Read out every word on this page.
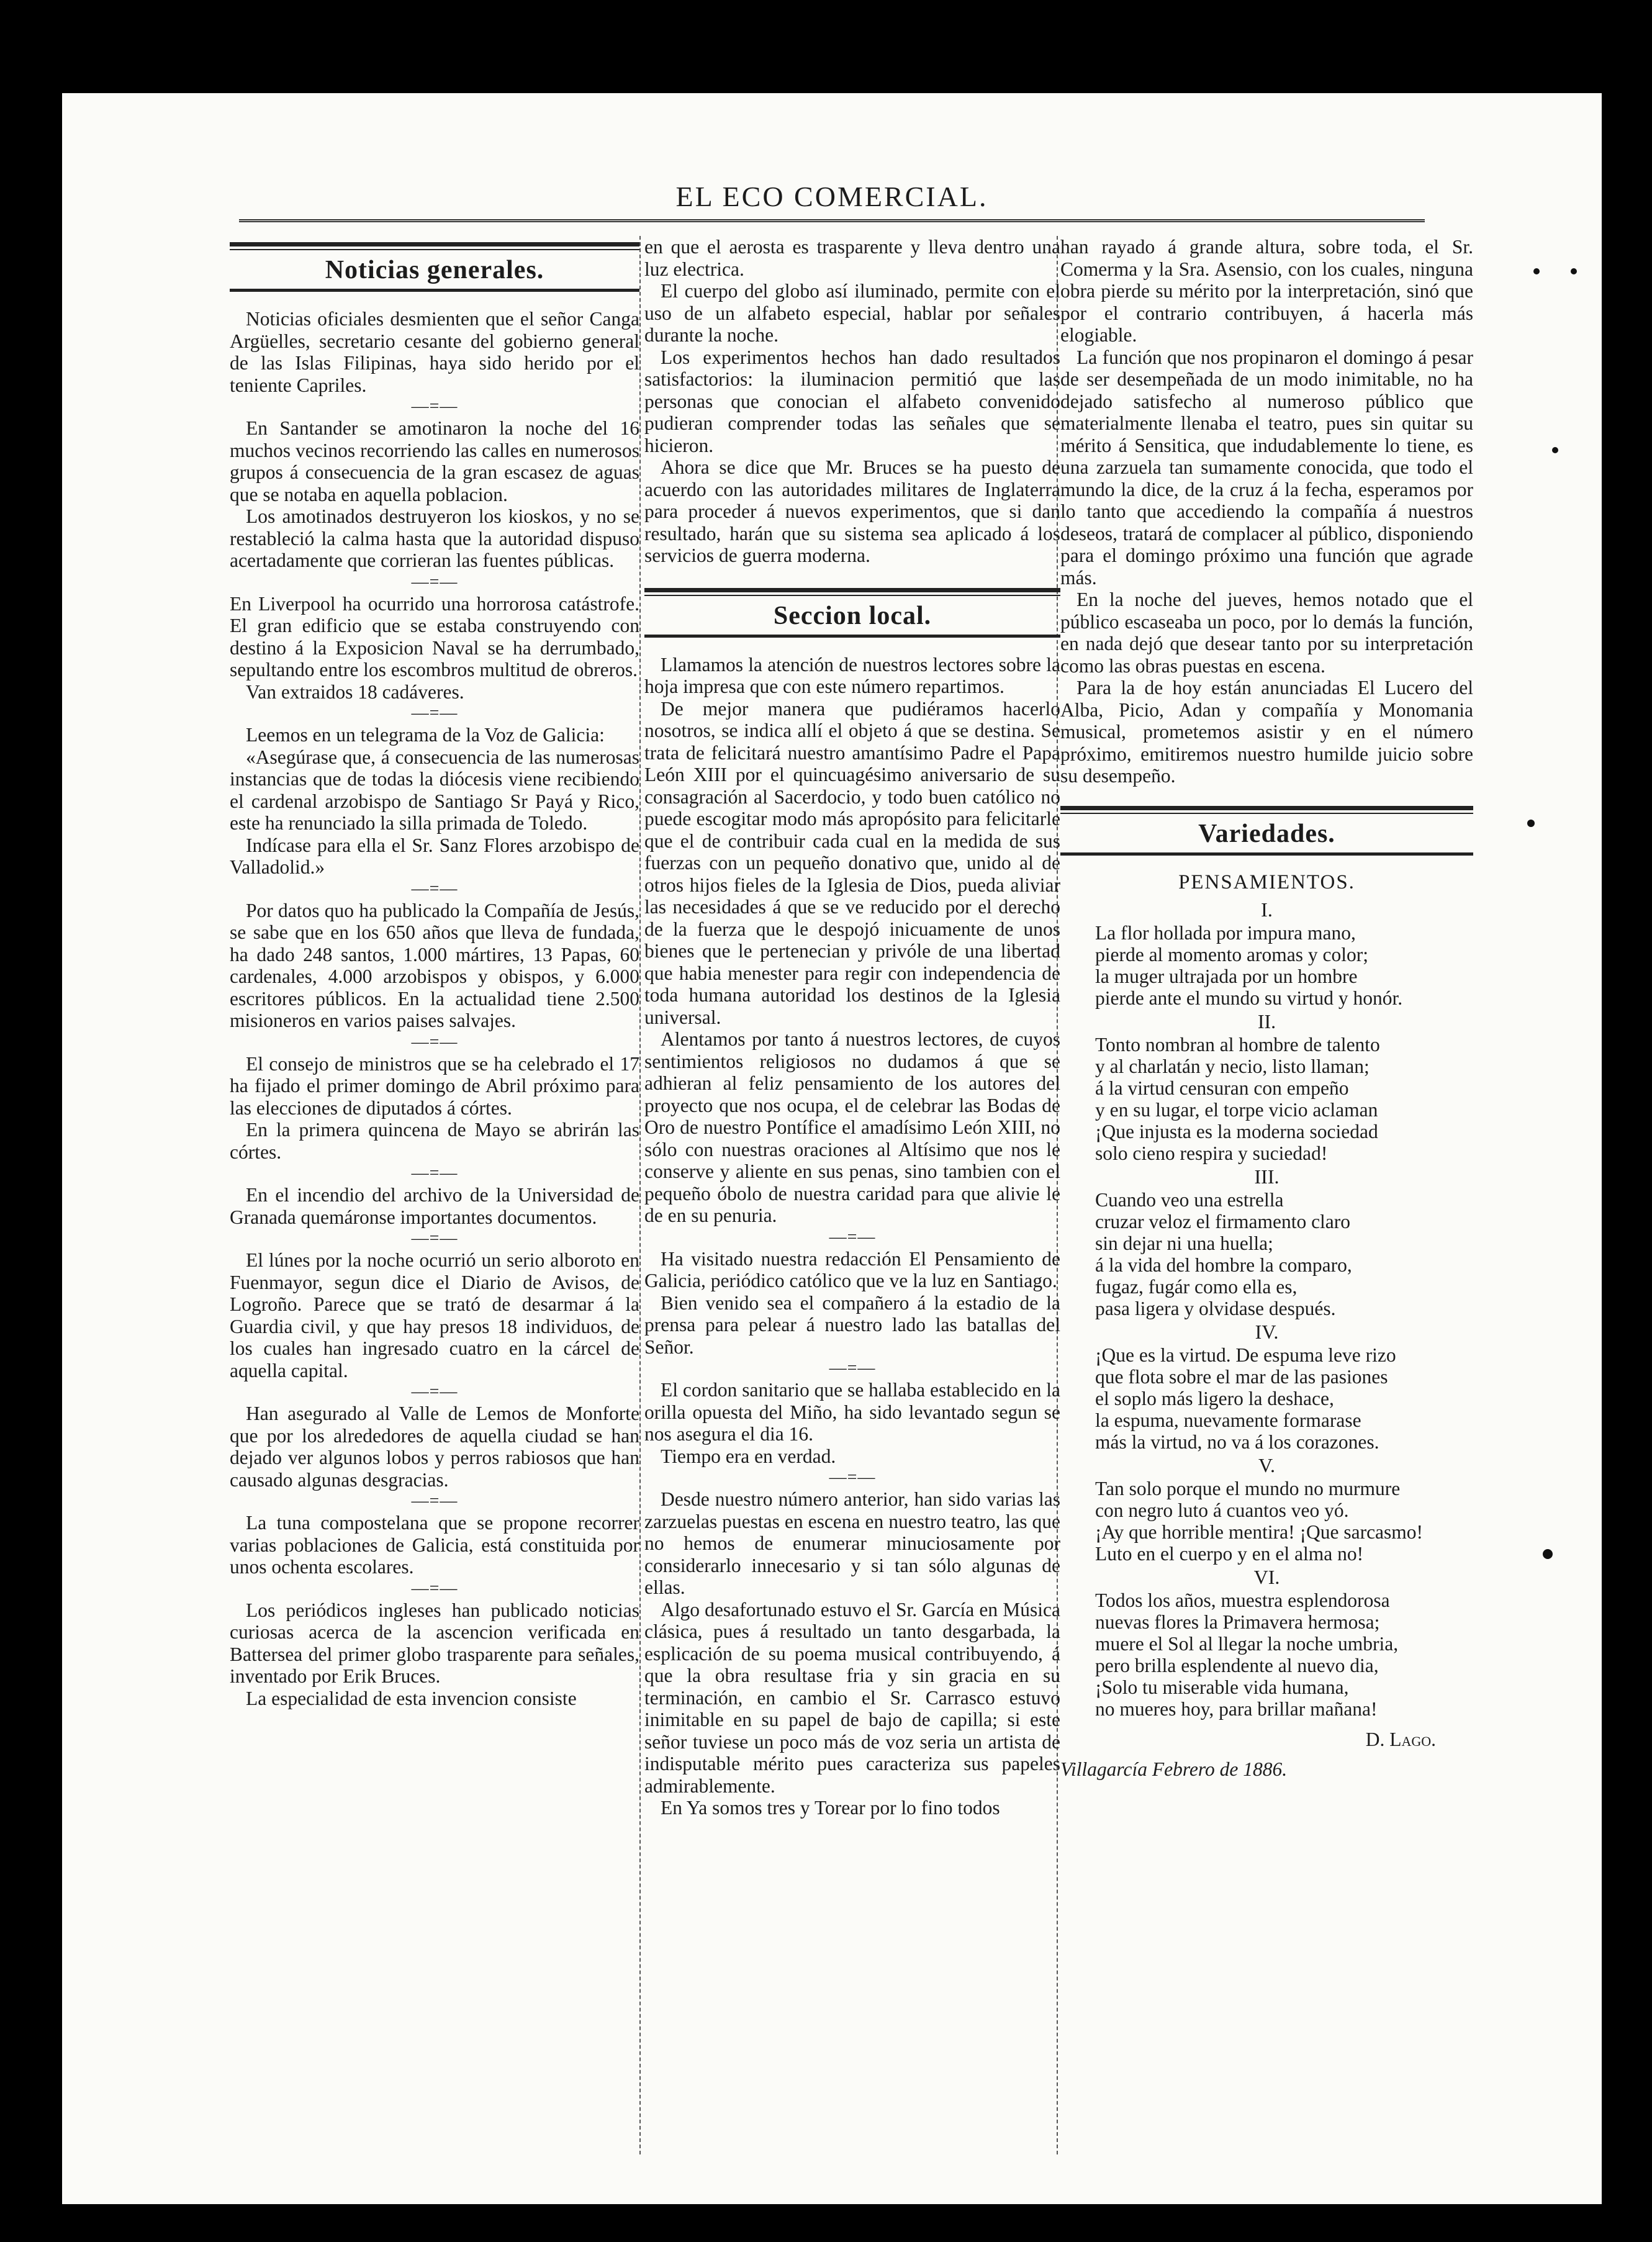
EL ECO COMERCIAL.
Noticias generales.

Noticias oficiales desmienten que el señor Canga Argüelles, secretario cesante del gobierno general de las Islas Filipinas, haya sido herido por el teniente Capriles.

—=—

En Santander se amotinaron la noche del 16 muchos vecinos recorriendo las calles en numerosos grupos á consecuencia de la gran escasez de aguas que se notaba en aquella poblacion.

Los amotinados destruyeron los kioskos, y no se restableció la calma hasta que la autoridad dispuso acertadamente que corrieran las fuentes públicas.

—=—

En Liverpool ha ocurrido una horrorosa catástrofe. El gran edificio que se estaba construyendo con destino á la Exposicion Naval se ha derrumbado, sepultando entre los escombros multitud de obreros.

Van extraidos 18 cadáveres.

—=—

Leemos en un telegrama de la Voz de Galicia:

«Asegúrase que, á consecuencia de las numerosas instancias que de todas la diócesis viene recibiendo el cardenal arzobispo de Santiago Sr Payá y Rico, este ha renunciado la silla primada de Toledo.

Indícase para ella el Sr. Sanz Flores arzobispo de Valladolid.»

—=—

Por datos quo ha publicado la Compañía de Jesús, se sabe que en los 650 años que lleva de fundada, ha dado 248 santos, 1.000 mártires, 13 Papas, 60 cardenales, 4.000 arzobispos y obispos, y 6.000 escritores públicos. En la actualidad tiene 2.500 misioneros en varios paises salvajes.

—=—

El consejo de ministros que se ha celebrado el 17 ha fijado el primer domingo de Abril próximo para las elecciones de diputados á córtes.

En la primera quincena de Mayo se abrirán las córtes.

—=—

En el incendio del archivo de la Universidad de Granada quemáronse importantes documentos.

—=—

El lúnes por la noche ocurrió un serio alboroto en Fuenmayor, segun dice el Diario de Avisos, de Logroño. Parece que se trató de desarmar á la Guardia civil, y que hay presos 18 individuos, de los cuales han ingresado cuatro en la cárcel de aquella capital.

—=—

Han asegurado al Valle de Lemos de Monforte que por los alrededores de aquella ciudad se han dejado ver algunos lobos y perros rabiosos que han causado algunas desgracias.

—=—

La tuna compostelana que se propone recorrer varias poblaciones de Galicia, está constituida por unos ochenta escolares.

—=—

Los periódicos ingleses han publicado noticias curiosas acerca de la ascencion verificada en Battersea del primer globo trasparente para señales, inventado por Erik Bruces.

La especialidad de esta invencion consiste

en que el aerosta es trasparente y lleva dentro una luz electrica.

El cuerpo del globo así iluminado, permite con el uso de un alfabeto especial, hablar por señales durante la noche.

Los experimentos hechos han dado resultados satisfactorios: la iluminacion permitió que las personas que conocian el alfabeto convenido pudieran comprender todas las señales que se hicieron.

Ahora se dice que Mr. Bruces se ha puesto de acuerdo con las autoridades militares de Inglaterra para proceder á nuevos experimentos, que si dan resultado, harán que su sistema sea aplicado á los servicios de guerra moderna.

Seccion local.

Llamamos la atención de nuestros lectores sobre la hoja impresa que con este número repartimos.

De mejor manera que pudiéramos hacerlo nosotros, se indica allí el objeto á que se destina. Se trata de felicitará nuestro amantísimo Padre el Papa León XIII por el quincuagésimo aniversario de su consagración al Sacerdocio, y todo buen católico no puede escogitar modo más apropósito para felicitarle que el de contribuir cada cual en la medida de sus fuerzas con un pequeño donativo que, unido al de otros hijos fieles de la Iglesia de Dios, pueda aliviar las necesidades á que se ve reducido por el derecho de la fuerza que le despojó inicuamente de unos bienes que le pertenecian y privóle de una libertad que habia menester para regir con independencia de toda humana autoridad los destinos de la Iglesia universal.

Alentamos por tanto á nuestros lectores, de cuyos sentimientos religiosos no dudamos á que se adhieran al feliz pensamiento de los autores del proyecto que nos ocupa, el de celebrar las Bodas de Oro de nuestro Pontífice el amadísimo León XIII, no sólo con nuestras oraciones al Altísimo que nos le conserve y aliente en sus penas, sino tambien con el pequeño óbolo de nuestra caridad para que alivie le de en su penuria.

—=—

Ha visitado nuestra redacción El Pensamiento de Galicia, periódico católico que ve la luz en Santiago.

Bien venido sea el compañero á la estadio de la prensa para pelear á nuestro lado las batallas del Señor.

—=—

El cordon sanitario que se hallaba establecido en la orilla opuesta del Miño, ha sido levantado segun se nos asegura el dia 16.

Tiempo era en verdad.

—=—

Desde nuestro número anterior, han sido varias las zarzuelas puestas en escena en nuestro teatro, las que no hemos de enumerar minuciosamente por considerarlo innecesario y si tan sólo algunas de ellas.

Algo desafortunado estuvo el Sr. García en Música clásica, pues á resultado un tanto desgarbada, la esplicación de su poema musical contribuyendo, á que la obra resultase fria y sin gracia en su terminación, en cambio el Sr. Carrasco estuvo inimitable en su papel de bajo de capilla; si este señor tuviese un poco más de voz seria un artista de indisputable mérito pues caracteriza sus papeles admirablemente.

En Ya somos tres y Torear por lo fino todos

han rayado á grande altura, sobre toda, el Sr. Comerma y la Sra. Asensio, con los cuales, ninguna obra pierde su mérito por la interpretación, sinó que por el contrario contribuyen, á hacerla más elogiable.

La función que nos propinaron el domingo á pesar de ser desempeñada de un modo inimitable, no ha dejado satisfecho al numeroso público que materialmente llenaba el teatro, pues sin quitar su mérito á Sensitica, que indudablemente lo tiene, es una zarzuela tan sumamente conocida, que todo el mundo la dice, de la cruz á la fecha, esperamos por lo tanto que accediendo la compañía á nuestros deseos, tratará de complacer al público, disponiendo para el domingo próximo una función que agrade más.

En la noche del jueves, hemos notado que el público escaseaba un poco, por lo demás la función, en nada dejó que desear tanto por su interpretación como las obras puestas en escena.

Para la de hoy están anunciadas El Lucero del Alba, Picio, Adan y compañía y Monomania musical, prometemos asistir y en el número próximo, emitiremos nuestro humilde juicio sobre su desempeño.

Variedades.
PENSAMIENTOS.
I.

La flor hollada por impura mano,

pierde al momento aromas y color;

la muger ultrajada por un hombre

pierde ante el mundo su virtud y honór.

II.

Tonto nombran al hombre de talento

y al charlatán y necio, listo llaman;

á la virtud censuran con empeño

y en su lugar, el torpe vicio aclaman

¡Que injusta es la moderna sociedad

solo cieno respira y suciedad!

III.

Cuando veo una estrella

cruzar veloz el firmamento claro

sin dejar ni una huella;

á la vida del hombre la comparo,

fugaz, fugár como ella es,

pasa ligera y olvidase después.

IV.

¡Que es la virtud. De espuma leve rizo

que flota sobre el mar de las pasiones

el soplo más ligero la deshace,

la espuma, nuevamente formarase

más la virtud, no va á los corazones.

V.

Tan solo porque el mundo no murmure

con negro luto á cuantos veo yó.

¡Ay que horrible mentira! ¡Que sarcasmo!

Luto en el cuerpo y en el alma no!

VI.

Todos los años, muestra esplendorosa

nuevas flores la Primavera hermosa;

muere el Sol al llegar la noche umbria,

pero brilla esplendente al nuevo dia,

¡Solo tu miserable vida humana,

no mueres hoy, para brillar mañana!

D. Lago.
Villagarcía Febrero de 1886.
